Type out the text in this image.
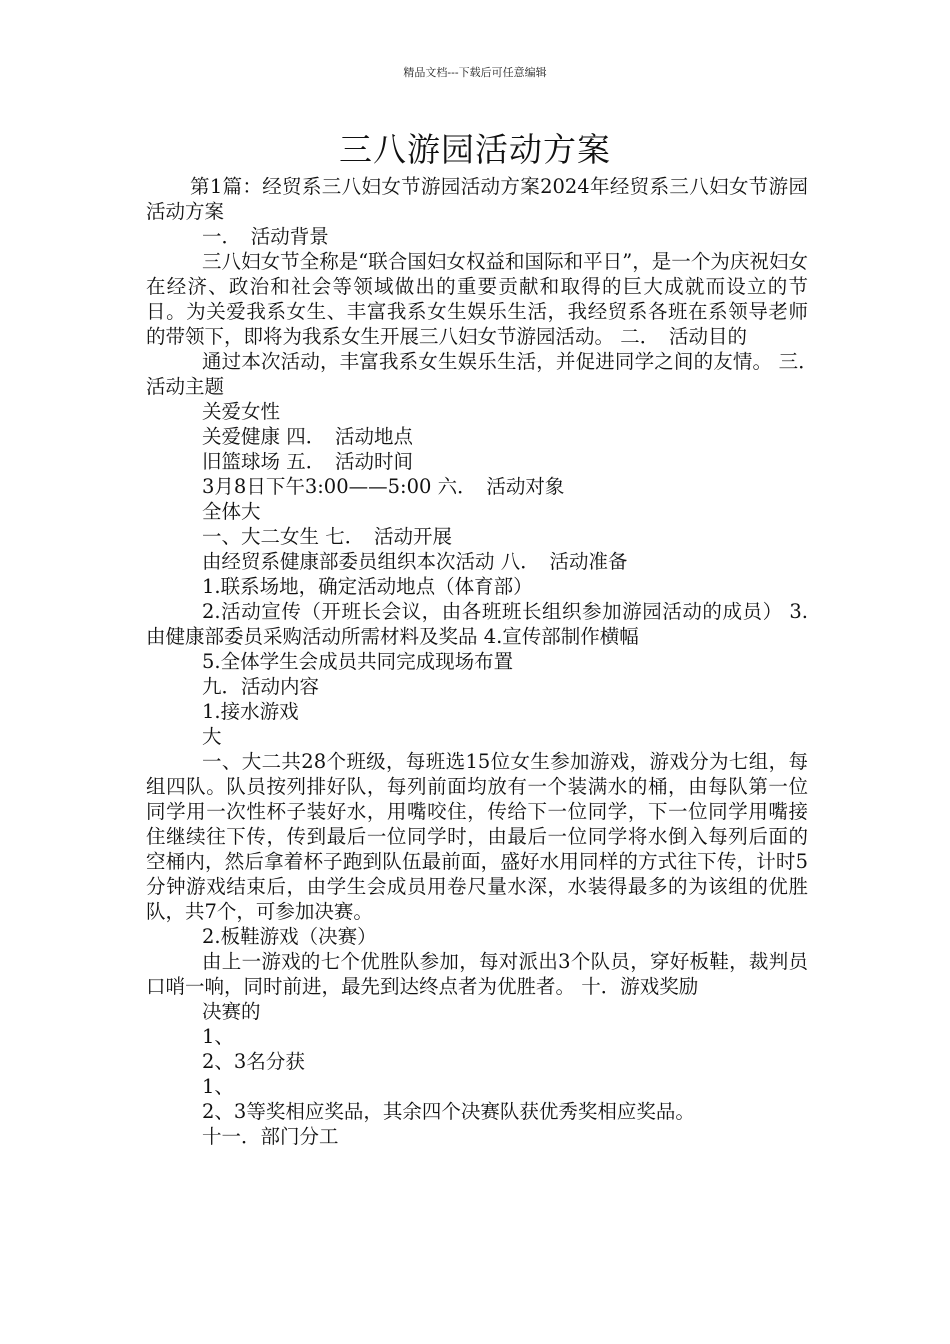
精品文档---下载后可任意编辑
三八游园活动方案

第1篇：经贸系三八妇女节游园活动方案2024年经贸系三八妇女节游园活动方案

一．　活动背景

三八妇女节全称是“联合国妇女权益和国际和平日”，是一个为庆祝妇女在经济、政治和社会等领域做出的重要贡献和取得的巨大成就而设立的节日。为关爱我系女生、丰富我系女生娱乐生活，我经贸系各班在系领导老师的带领下，即将为我系女生开展三八妇女节游园活动。 二．　活动目的

通过本次活动，丰富我系女生娱乐生活，并促进同学之间的友情。 三．　活动主题

关爱女性

关爱健康 四．　活动地点

旧篮球场 五．　活动时间

3月8日下午3:00——5:00 六．　活动对象

全体大

一、大二女生 七．　活动开展

由经贸系健康部委员组织本次活动 八．　活动准备

1.联系场地，确定活动地点（体育部）

2.活动宣传（开班长会议，由各班班长组织参加游园活动的成员） 3.由健康部委员采购活动所需材料及奖品 4.宣传部制作横幅

5.全体学生会成员共同完成现场布置

九．活动内容

1.接水游戏

大

一、大二共28个班级，每班选15位女生参加游戏，游戏分为七组，每组四队。队员按列排好队，每列前面均放有一个装满水的桶，由每队第一位同学用一次性杯子装好水，用嘴咬住，传给下一位同学，下一位同学用嘴接住继续往下传，传到最后一位同学时，由最后一位同学将水倒入每列后面的空桶内，然后拿着杯子跑到队伍最前面，盛好水用同样的方式往下传，计时5分钟游戏结束后，由学生会成员用卷尺量水深，水装得最多的为该组的优胜队，共7个，可参加决赛。

2.板鞋游戏（决赛）

由上一游戏的七个优胜队参加，每对派出3个队员，穿好板鞋，裁判员口哨一响，同时前进，最先到达终点者为优胜者。 十．游戏奖励

决赛的

1、

2、3名分获

1、

2、3等奖相应奖品，其余四个决赛队获优秀奖相应奖品。

十一．部门分工
